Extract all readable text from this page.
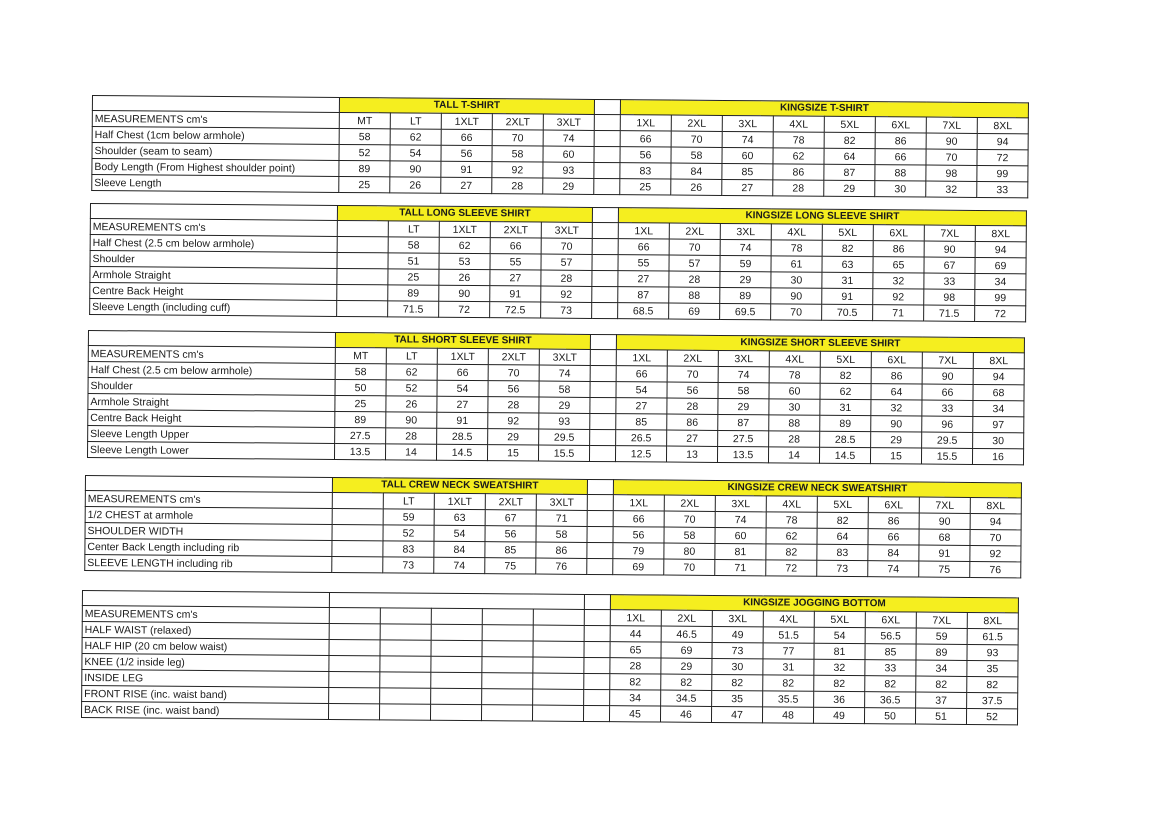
	TALL T-SHIRT						KINGSIZE T-SHIRT							
MEASUREMENTS cm's	MT	LT	1XLT	2XLT	3XLT		1XL	2XL	3XL	4XL	5XL	6XL	7XL	8XL
Half Chest (1cm below armhole)	58	62	66	70	74		66	70	74	78	82	86	90	94
Shoulder (seam to seam)	52	54	56	58	60		56	58	60	62	64	66	70	72
Body Length (From Highest shoulder point)	89	90	91	92	93		83	84	85	86	87	88	98	99
Sleeve Length	25	26	27	28	29		25	26	27	28	29	30	32	33
	TALL LONG SLEEVE SHIRT						KINGSIZE LONG SLEEVE SHIRT							
MEASUREMENTS cm's		LT	1XLT	2XLT	3XLT		1XL	2XL	3XL	4XL	5XL	6XL	7XL	8XL
Half Chest (2.5 cm below armhole)		58	62	66	70		66	70	74	78	82	86	90	94
Shoulder		51	53	55	57		55	57	59	61	63	65	67	69
Armhole Straight		25	26	27	28		27	28	29	30	31	32	33	34
Centre Back Height		89	90	91	92		87	88	89	90	91	92	98	99
Sleeve Length (including cuff)		71.5	72	72.5	73		68.5	69	69.5	70	70.5	71	71.5	72
	TALL SHORT SLEEVE SHIRT						KINGSIZE SHORT SLEEVE SHIRT							
MEASUREMENTS cm's	MT	LT	1XLT	2XLT	3XLT		1XL	2XL	3XL	4XL	5XL	6XL	7XL	8XL
Half Chest (2.5 cm below armhole)	58	62	66	70	74		66	70	74	78	82	86	90	94
Shoulder	50	52	54	56	58		54	56	58	60	62	64	66	68
Armhole Straight	25	26	27	28	29		27	28	29	30	31	32	33	34
Centre Back Height	89	90	91	92	93		85	86	87	88	89	90	96	97
Sleeve Length Upper	27.5	28	28.5	29	29.5		26.5	27	27.5	28	28.5	29	29.5	30
Sleeve Length Lower	13.5	14	14.5	15	15.5		12.5	13	13.5	14	14.5	15	15.5	16
	TALL CREW NECK SWEATSHIRT						KINGSIZE CREW NECK SWEATSHIRT							
MEASUREMENTS cm's		LT	1XLT	2XLT	3XLT		1XL	2XL	3XL	4XL	5XL	6XL	7XL	8XL
1/2 CHEST at armhole		59	63	67	71		66	70	74	78	82	86	90	94
SHOULDER WIDTH		52	54	56	58		56	58	60	62	64	66	68	70
Center Back Length including rib		83	84	85	86		79	80	81	82	83	84	91	92
SLEEVE LENGTH including rib		73	74	75	76		69	70	71	72	73	74	75	76
							KINGSIZE JOGGING BOTTOM							
MEASUREMENTS cm's							1XL	2XL	3XL	4XL	5XL	6XL	7XL	8XL
HALF WAIST (relaxed)							44	46.5	49	51.5	54	56.5	59	61.5
HALF HIP (20 cm below waist)							65	69	73	77	81	85	89	93
KNEE (1/2 inside leg)							28	29	30	31	32	33	34	35
INSIDE LEG							82	82	82	82	82	82	82	82
FRONT RISE (inc. waist band)							34	34.5	35	35.5	36	36.5	37	37.5
BACK RISE (inc. waist band)							45	46	47	48	49	50	51	52
